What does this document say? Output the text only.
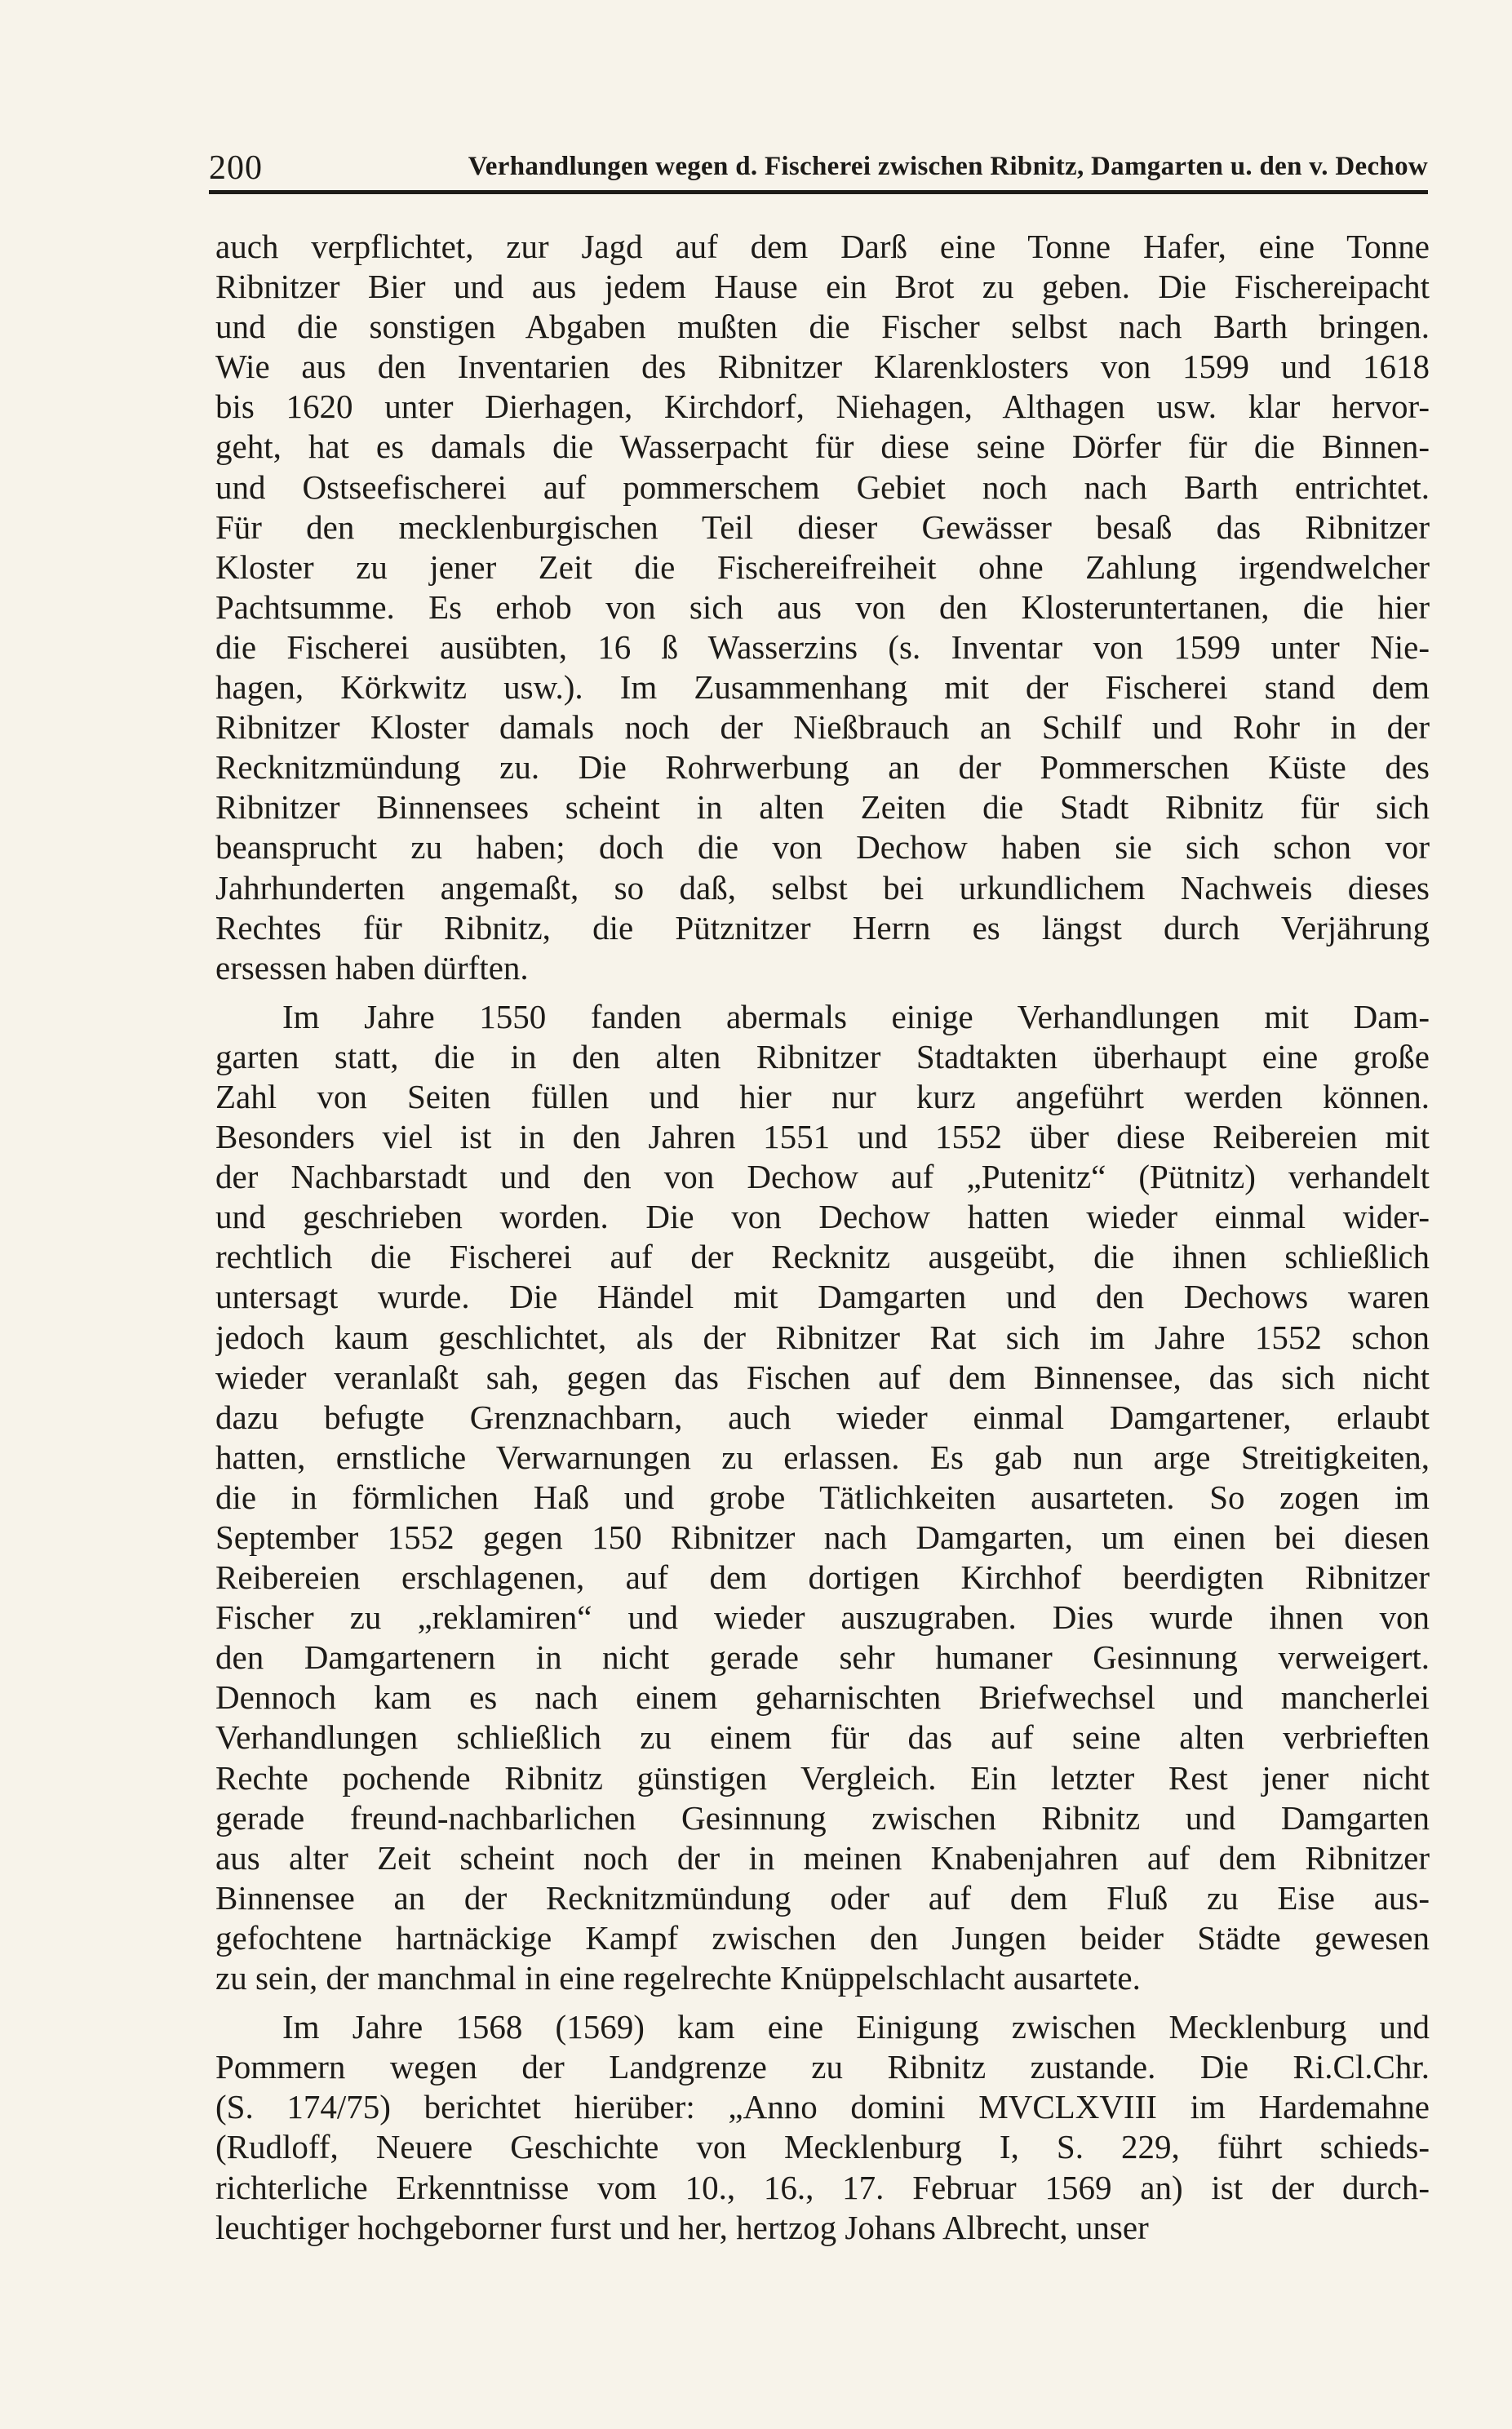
200	Verhandlungen wegen d. Fischerei zwischen Ribnitz, Damgarten u. den v. Dechow

auch verpflichtet, zur Jagd auf dem Darß eine Tonne Hafer, eine Tonne

Ribnitzer Bier und aus jedem Hause ein Brot zu geben. Die Fischereipacht

und die sonstigen Abgaben mußten die Fischer selbst nach Barth bringen.

Wie aus den Inventarien des Ribnitzer Klarenklosters von 1599 und 1618

bis 1620 unter Dierhagen, Kirchdorf, Niehagen, Althagen usw. klar hervor-

geht, hat es damals die Wasserpacht für diese seine Dörfer für die Binnen-

und Ostseefischerei auf pommerschem Gebiet noch nach Barth entrichtet.

Für den mecklenburgischen Teil dieser Gewässer besaß das Ribnitzer

Kloster zu jener Zeit die Fischereifreiheit ohne Zahlung irgendwelcher

Pachtsumme. Es erhob von sich aus von den Klosteruntertanen, die hier

die Fischerei ausübten, 16 ß Wasserzins (s. Inventar von 1599 unter Nie-

hagen, Körkwitz usw.). Im Zusammenhang mit der Fischerei stand dem

Ribnitzer Kloster damals noch der Nießbrauch an Schilf und Rohr in der

Recknitzmündung zu. Die Rohrwerbung an der Pommerschen Küste des

Ribnitzer Binnensees scheint in alten Zeiten die Stadt Ribnitz für sich

beansprucht zu haben; doch die von Dechow haben sie sich schon vor

Jahrhunderten angemaßt, so daß, selbst bei urkundlichem Nachweis dieses

Rechtes für Ribnitz, die Pütznitzer Herrn es längst durch Verjährung

ersessen haben dürften.

Im Jahre 1550 fanden abermals einige Verhandlungen mit Dam-

garten statt, die in den alten Ribnitzer Stadtakten überhaupt eine große

Zahl von Seiten füllen und hier nur kurz angeführt werden können.

Besonders viel ist in den Jahren 1551 und 1552 über diese Reibereien mit

der Nachbarstadt und den von Dechow auf „Putenitz“ (Pütnitz) verhandelt

und geschrieben worden. Die von Dechow hatten wieder einmal wider-

rechtlich die Fischerei auf der Recknitz ausgeübt, die ihnen schließlich

untersagt wurde. Die Händel mit Damgarten und den Dechows waren

jedoch kaum geschlichtet, als der Ribnitzer Rat sich im Jahre 1552 schon

wieder veranlaßt sah, gegen das Fischen auf dem Binnensee, das sich nicht

dazu befugte Grenznachbarn, auch wieder einmal Damgartener, erlaubt

hatten, ernstliche Verwarnungen zu erlassen. Es gab nun arge Streitigkeiten,

die in förmlichen Haß und grobe Tätlichkeiten ausarteten. So zogen im

September 1552 gegen 150 Ribnitzer nach Damgarten, um einen bei diesen

Reibereien erschlagenen, auf dem dortigen Kirchhof beerdigten Ribnitzer

Fischer zu „reklamiren“ und wieder auszugraben. Dies wurde ihnen von

den Damgartenern in nicht gerade sehr humaner Gesinnung verweigert.

Dennoch kam es nach einem geharnischten Briefwechsel und mancherlei

Verhandlungen schließlich zu einem für das auf seine alten verbrieften

Rechte pochende Ribnitz günstigen Vergleich. Ein letzter Rest jener nicht

gerade freund-nachbarlichen Gesinnung zwischen Ribnitz und Damgarten

aus alter Zeit scheint noch der in meinen Knabenjahren auf dem Ribnitzer

Binnensee an der Recknitzmündung oder auf dem Fluß zu Eise aus-

gefochtene hartnäckige Kampf zwischen den Jungen beider Städte gewesen

zu sein, der manchmal in eine regelrechte Knüppelschlacht ausartete.

Im Jahre 1568 (1569) kam eine Einigung zwischen Mecklenburg und

Pommern wegen der Landgrenze zu Ribnitz zustande. Die Ri.Cl.Chr.

(S. 174/75) berichtet hierüber: „Anno domini MVCLXVIII im Hardemahne

(Rudloff, Neuere Geschichte von Mecklenburg I, S. 229, führt schieds-

richterliche Erkenntnisse vom 10., 16., 17. Februar 1569 an) ist der durch-

leuchtiger hochgeborner furst und her, hertzog Johans Albrecht, unser
